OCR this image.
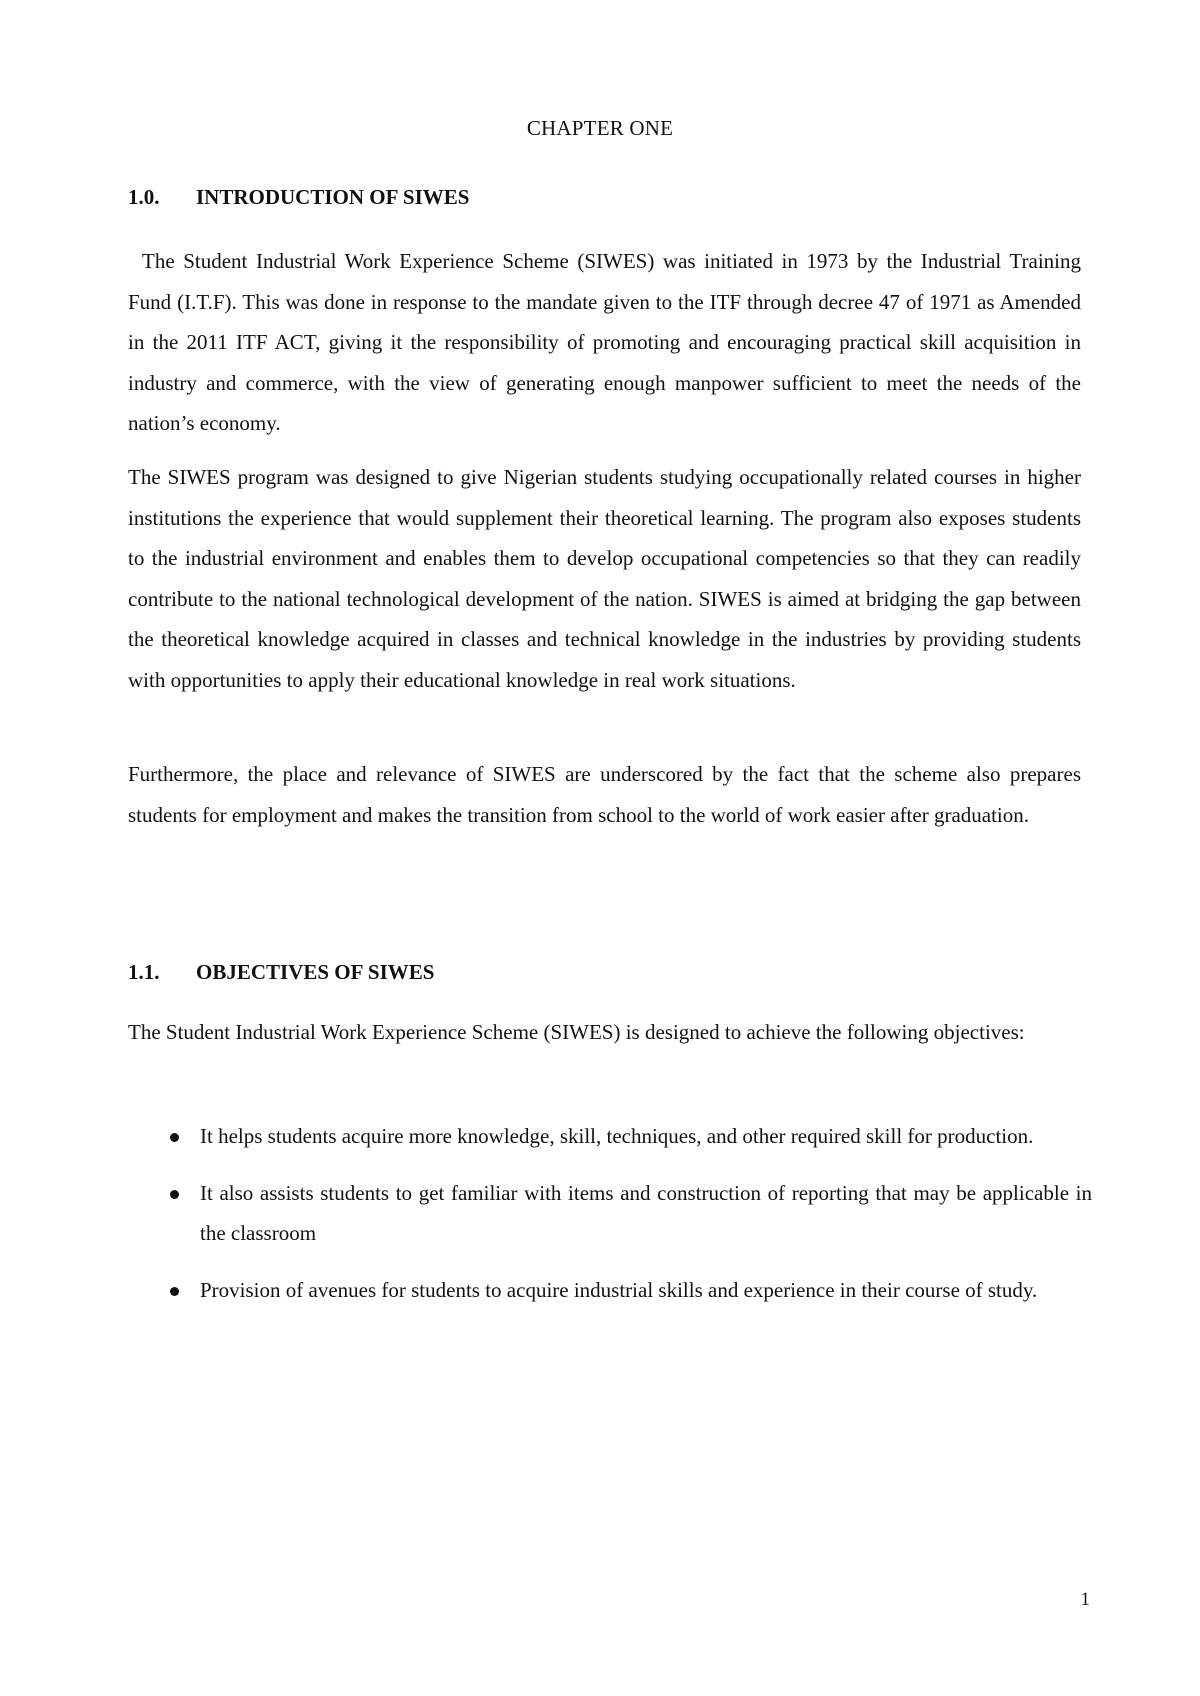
CHAPTER ONE
1.0.	INTRODUCTION OF SIWES

The Student Industrial Work Experience Scheme (SIWES) was initiated in 1973 by the Industrial Training Fund (I.T.F). This was done in response to the mandate given to the ITF through decree 47 of 1971 as Amended in the 2011 ITF ACT, giving it the responsibility of promoting and encouraging practical skill acquisition in industry and commerce, with the view of generating enough manpower sufficient to meet the needs of the nation’s economy.

The SIWES program was designed to give Nigerian students studying occupationally related courses in higher institutions the experience that would supplement their theoretical learning. The program also exposes students to the industrial environment and enables them to develop occupational competencies so that they can readily contribute to the national technological development of the nation. SIWES is aimed at bridging the gap between the theoretical knowledge acquired in classes and technical knowledge in the industries by providing students with opportunities to apply their educational knowledge in real work situations.

Furthermore, the place and relevance of SIWES are underscored by the fact that the scheme also prepares students for employment and makes the transition from school to the world of work easier after graduation.

1.1.	OBJECTIVES OF SIWES

The Student Industrial Work Experience Scheme (SIWES) is designed to achieve the following objectives:

It helps students acquire more knowledge, skill, techniques, and other required skill for production.
It also assists students to get familiar with items and construction of reporting that may be applicable in the classroom
Provision of avenues for students to acquire industrial skills and experience in their course of study.
1
